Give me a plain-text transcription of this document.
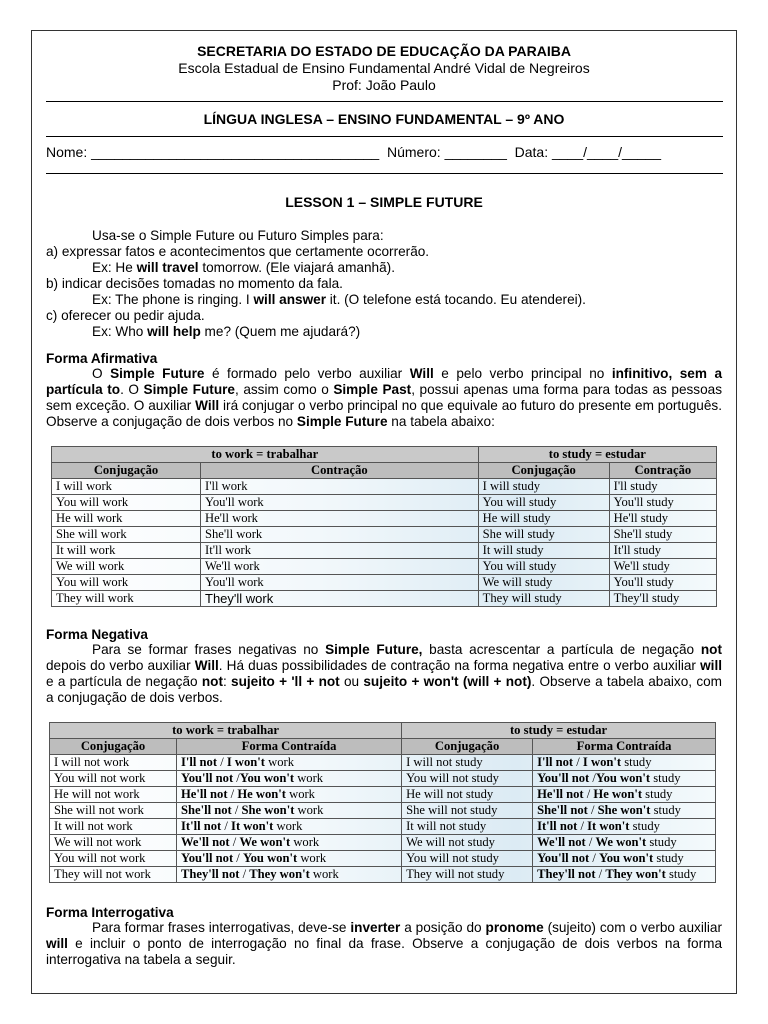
SECRETARIA DO ESTADO DE EDUCAÇÃO DA PARAIBA
Escola Estadual de Ensino Fundamental André Vidal de Negreiros
Prof: João Paulo
LÍNGUA INGLESA – ENSINO FUNDAMENTAL – 9º ANO
Nome: _____________________________________  Número: ________  Data: ____/____/_____
LESSON 1 – SIMPLE FUTURE
Usa-se o Simple Future ou Futuro Simples para:
a) expressar fatos e acontecimentos que certamente ocorrerão.
Ex: He will travel tomorrow. (Ele viajará amanhã).
b) indicar decisões tomadas no momento da fala.
Ex: The phone is ringing. I will answer it. (O telefone está tocando. Eu atenderei).
c) oferecer ou pedir ajuda.
Ex: Who will help me? (Quem me ajudará?)
Forma Afirmativa
O Simple Future é formado pelo verbo auxiliar Will e pelo verbo principal no infinitivo, sem a partícula to. O Simple Future, assim como o Simple Past, possui apenas uma forma para todas as pessoas sem exceção. O auxiliar Will irá conjugar o verbo principal no que equivale ao futuro do presente em português. Observe a conjugação de dois verbos no Simple Future na tabela abaixo:
to work = trabalhar		to study = estudar	
Conjugação	Contração	Conjugação	Contração
I will work	I'll work	I will study	I'll study
You will work	You'll work	You will study	You'll study
He will work	He'll work	He will study	He'll study
She will work	She'll work	She will study	She'll study
It will work	It'll work	It will study	It'll study
We will work	We'll work	You will study	We'll study
You will work	You'll work	We will study	You'll study
They will work	They'll work	They will study	They'll study
Forma Negativa
Para se formar frases negativas no Simple Future, basta acrescentar a partícula de negação not depois do verbo auxiliar Will. Há duas possibilidades de contração na forma negativa entre o verbo auxiliar will e a partícula de negação not: sujeito + 'll + not ou sujeito + won't (will + not). Observe a tabela abaixo, com a conjugação de dois verbos.
to work = trabalhar		to study = estudar	
Conjugação	Forma Contraída	Conjugação	Forma Contraída
I will not work	I'll not / I won't work	I will not study	I'll not / I won't study
You will not work	You'll not /You won't work	You will not study	You'll not /You won't study
He will not work	He'll not / He won't work	He will not study	He'll not / He won't study
She will not work	She'll not / She won't work	She will not study	She'll not / She won't study
It will not work	It'll not / It won't work	It will not study	It'll not / It won't study
We will not work	We'll not / We won't work	We will not study	We'll not / We won't study
You will not work	You'll not / You won't work	You will not study	You'll not / You won't study
They will not work	They'll not / They won't work	They will not study	They'll not / They won't study
Forma Interrogativa
Para formar frases interrogativas, deve-se inverter a posição do pronome (sujeito) com o verbo auxiliar will e incluir o ponto de interrogação no final da frase. Observe a conjugação de dois verbos na forma interrogativa na tabela a seguir.
